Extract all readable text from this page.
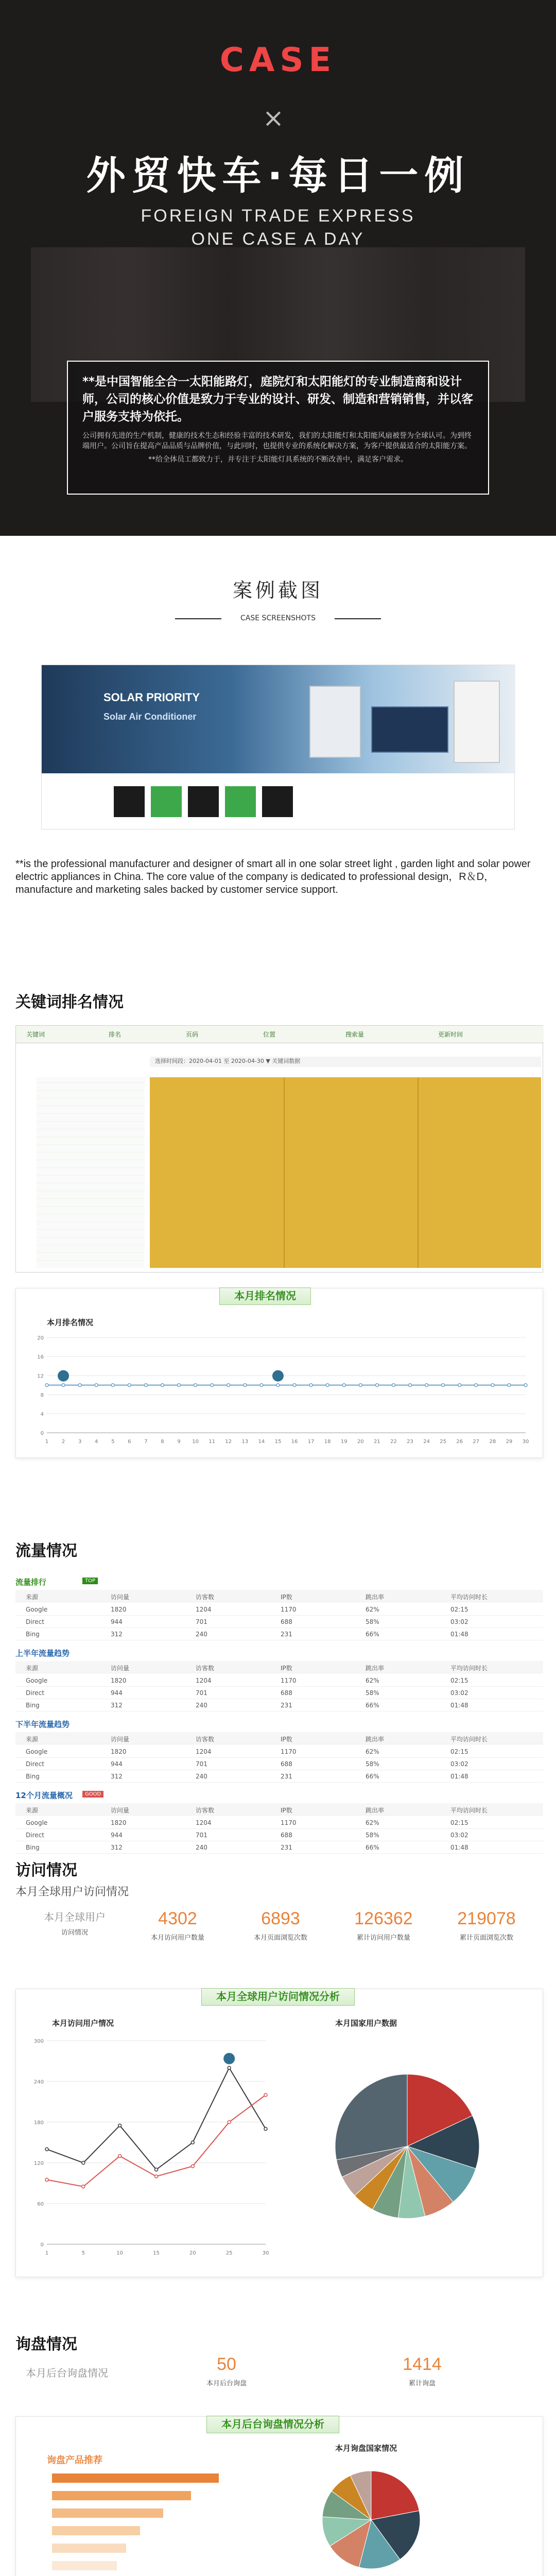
CASE
×
外贸快车·每日一例
FOREIGN TRADE EXPRESS
ONE CASE A DAY
**是中国智能全合一太阳能路灯，庭院灯和太阳能灯的专业制造商和设计师，公司的核心价值是致力于专业的设计、研发、制造和营销销售，并以客户服务支持为依托。
公司拥有先进的生产机制，健康的技术生态和经验丰富的技术研发，我们的太阳能灯和太阳能风扇被誉为全球认可。为到终端用户。公司旨在提高产品品质与品牌价值，与此同时，也提供专业的系统化解决方案，为客户提供最适合的太阳能方案。
**给全体员工都致力于，并专注于太阳能灯具系统的不断改善中，满足客户需求。
案例截图
CASE SCREENSHOTS
SOLAR PRIORITY
Solar Air Conditioner
**is the professional manufacturer and designer of smart all in one solar street light , garden light and solar power electric appliances in China. The core value of the company is dedicated to professional design，R＆D，manufacture and marketing sales backed by customer service support.
关键词排名情况
关键词	排名	页码	位置	搜索量	更新时间
选择时间段：2020-04-01 至 2020-04-30 ▼ 关键词数据
本月排名情况
本月排名情况
20
16
12
8
4
0
1	2	3	4	5	6	7	8	9 10 11 12 13 14 15 16 17 18 19 20 21 22 23 24 25 26 27 28 29 30
流量情况
流量排行	TOP
来源	访问量	访客数	IP数	跳出率	平均访问时长
Google	1820	1204	1170	62%	02:15
Direct	944	701	688	58%	03:02
Bing	312	240	231	66%	01:48
上半年流量趋势
来源	访问量	访客数	IP数	跳出率	平均访问时长
Google	1820	1204	1170	62%	02:15
Direct	944	701	688	58%	03:02
Bing	312	240	231	66%	01:48
下半年流量趋势
来源	访问量	访客数	IP数	跳出率	平均访问时长
Google	1820	1204	1170	62%	02:15
Direct	944	701	688	58%	03:02
Bing	312	240	231	66%	01:48
12个月流量概况	GOOD
来源	访问量	访客数	IP数	跳出率	平均访问时长
Google	1820	1204	1170	62%	02:15
Direct	944	701	688	58%	03:02
Bing	312	240	231	66%	01:48
访问情况
本月全球用户访问情况
本月全球用户
访问情况
4302
本月访问用户数量
6893
本月页面浏览次数
126362
累计访问用户数量
219078
累计页面浏览次数
本月全球用户访问情况分析
本月访问用户情况	本月国家用户数据
300
240
180
120
60
0
1	5	10	15	20	25	30
询盘情况
本月后台询盘情况	50
本月后台询盘
1414
累计询盘
本月后台询盘情况分析
询盘产品推荐
本月询盘国家情况
